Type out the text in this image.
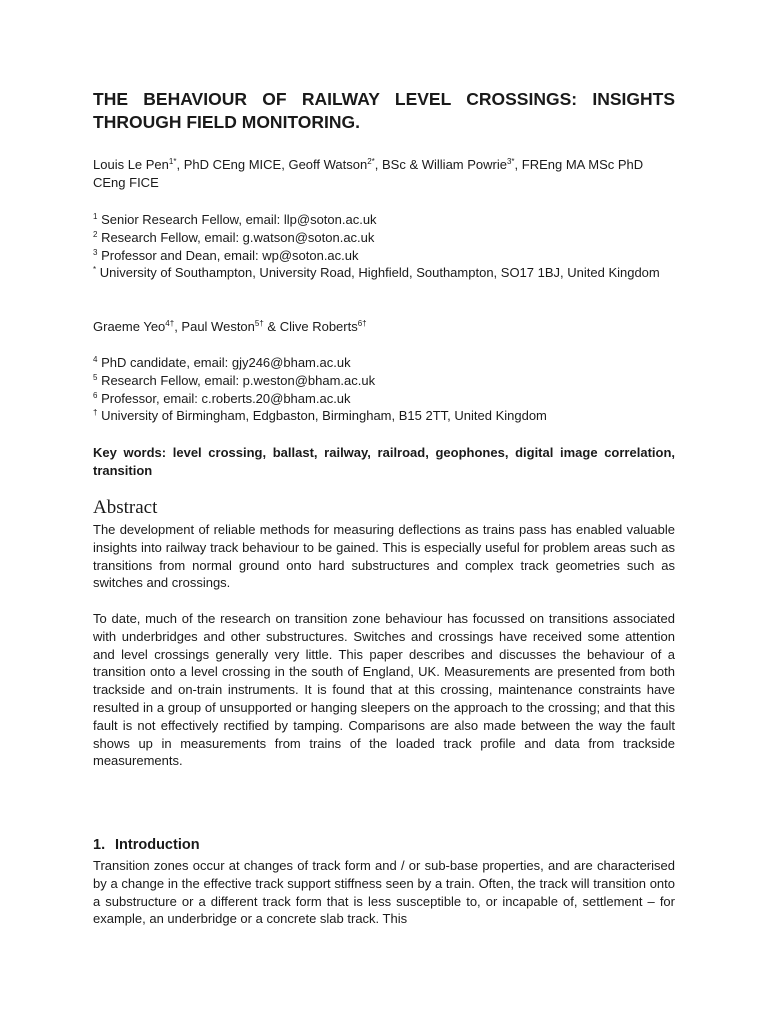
THE BEHAVIOUR OF RAILWAY LEVEL CROSSINGS: INSIGHTS THROUGH FIELD MONITORING.

Louis Le Pen$^{1*}$, PhD CEng MICE, Geoff Watson$^{2*}$, BSc & William Powrie$^{3*}$, FREng MA MSc PhD CEng FICE

$^1$ Senior Research Fellow, email: llp@soton.ac.uk
$^2$ Research Fellow, email: g.watson@soton.ac.uk
$^3$ Professor and Dean, email: wp@soton.ac.uk
* University of Southampton, University Road, Highfield, Southampton, SO17 1BJ, United Kingdom

Graeme Yeo$^{4\dagger}$, Paul Weston$^{5\dagger}$ & Clive Roberts$^{6\dagger}$

$^4$ PhD candidate, email: gjy246@bham.ac.uk
$^5$ Research Fellow, email: p.weston@bham.ac.uk
$^6$ Professor, email: c.roberts.20@bham.ac.uk
† University of Birmingham, Edgbaston, Birmingham, B15 2TT, United Kingdom

Key words: level crossing, ballast, railway, railroad, geophones, digital image correlation, transition

Abstract

The development of reliable methods for measuring deflections as trains pass has enabled valuable insights into railway track behaviour to be gained. This is especially useful for problem areas such as transitions from normal ground onto hard substructures and complex track geometries such as switches and crossings.

To date, much of the research on transition zone behaviour has focussed on transitions associated with underbridges and other substructures. Switches and crossings have received some attention and level crossings generally very little. This paper describes and discusses the behaviour of a transition onto a level crossing in the south of England, UK. Measurements are presented from both trackside and on-train instruments. It is found that at this crossing, maintenance constraints have resulted in a group of unsupported or hanging sleepers on the approach to the crossing; and that this fault is not effectively rectified by tamping. Comparisons are also made between the way the fault shows up in measurements from trains of the loaded track profile and data from trackside measurements.

1. Introduction

Transition zones occur at changes of track form and / or sub-base properties, and are characterised by a change in the effective track support stiffness seen by a train. Often, the track will transition onto a substructure or a different track form that is less susceptible to, or incapable of, settlement – for example, an underbridge or a concrete slab track. This
